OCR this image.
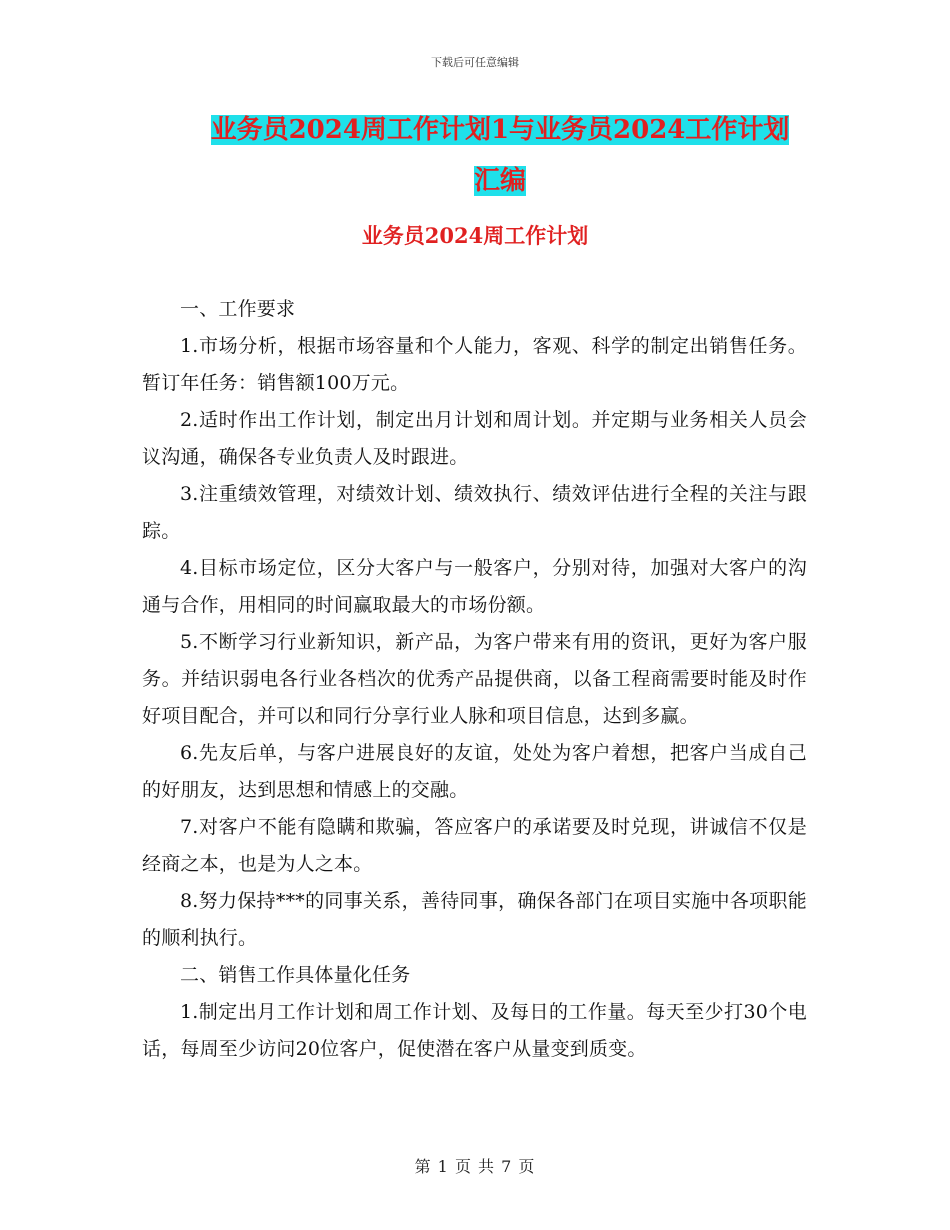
下载后可任意编辑
业务员2024周工作计划1与业务员2024工作计划汇编
业务员2024周工作计划

一、工作要求

1.市场分析，根据市场容量和个人能力，客观、科学的制定出销售任务。暂订年任务：销售额100万元。

2.适时作出工作计划，制定出月计划和周计划。并定期与业务相关人员会议沟通，确保各专业负责人及时跟进。

3.注重绩效管理，对绩效计划、绩效执行、绩效评估进行全程的关注与跟踪。

4.目标市场定位，区分大客户与一般客户，分别对待，加强对大客户的沟通与合作，用相同的时间赢取最大的市场份额。

5.不断学习行业新知识，新产品，为客户带来有用的资讯，更好为客户服务。并结识弱电各行业各档次的优秀产品提供商，以备工程商需要时能及时作好项目配合，并可以和同行分享行业人脉和项目信息，达到多赢。

6.先友后单，与客户进展良好的友谊，处处为客户着想，把客户当成自己的好朋友，达到思想和情感上的交融。

7.对客户不能有隐瞒和欺骗，答应客户的承诺要及时兑现，讲诚信不仅是经商之本，也是为人之本。

8.努力保持***的同事关系，善待同事，确保各部门在项目实施中各项职能的顺利执行。

二、销售工作具体量化任务

1.制定出月工作计划和周工作计划、及每日的工作量。每天至少打30个电话，每周至少访问20位客户，促使潜在客户从量变到质变。

第 1 页 共 7 页
